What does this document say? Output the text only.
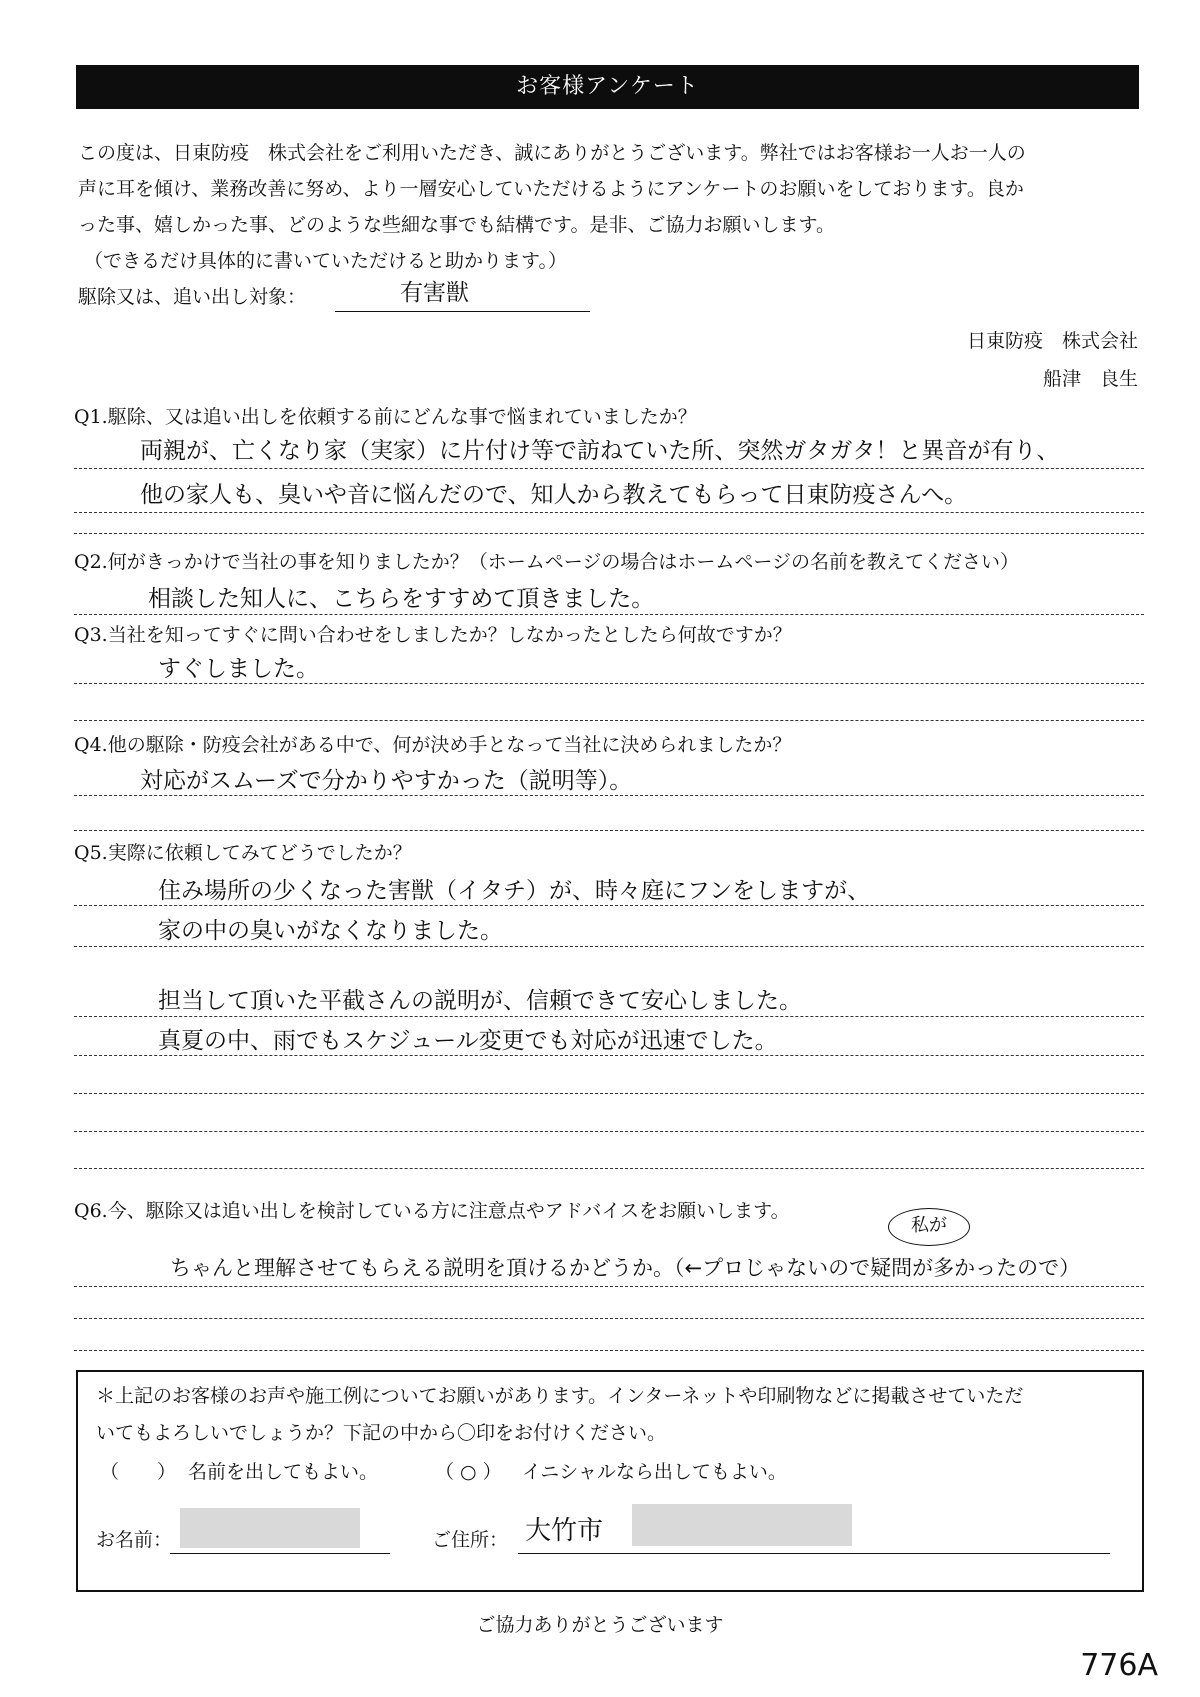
お客様アンケート

この度は、日東防疫　株式会社をご利用いただき、誠にありがとうございます。弊社ではお客様お一人お一人の

声に耳を傾け、業務改善に努め、より一層安心していただけるようにアンケートのお願いをしております。良か

った事、嬉しかった事、どのような些細な事でも結構です。是非、ご協力お願いします。

（できるだけ具体的に書いていただけると助かります。）

駆除又は、追い出し対象：	有害獣
日東防疫　株式会社
船津　良生
Q1.駆除、又は追い出しを依頼する前にどんな事で悩まれていましたか？
両親が、亡くなり家（実家）に片付け等で訪ねていた所、突然ガタガタ！と異音が有り、
他の家人も、臭いや音に悩んだので、知人から教えてもらって日東防疫さんへ。
Q2.何がきっかけで当社の事を知りましたか？（ホームページの場合はホームページの名前を教えてください）
相談した知人に、こちらをすすめて頂きました。
Q3.当社を知ってすぐに問い合わせをしましたか？しなかったとしたら何故ですか？
すぐしました。
Q4.他の駆除・防疫会社がある中で、何が決め手となって当社に決められましたか？
対応がスムーズで分かりやすかった（説明等）。
Q5.実際に依頼してみてどうでしたか？
住み場所の少くなった害獣（イタチ）が、時々庭にフンをしますが、
家の中の臭いがなくなりました。
担当して頂いた平截さんの説明が、信頼できて安心しました。
真夏の中、雨でもスケジュール変更でも対応が迅速でした。
Q6.今、駆除又は追い出しを検討している方に注意点やアドバイスをお願いします。
私が
ちゃんと理解させてもらえる説明を頂けるかどうか。（←プロじゃないので疑問が多かったので）

＊上記のお客様のお声や施工例についてお願いがあります。インターネットや印刷物などに掲載させていただ

いてもよろしいでしょうか？下記の中から〇印をお付けください。

（　　） 名前を出してもよい。	（ ○ ） イニシャルなら出してもよい。
お名前：	ご住所： 大竹市
ご協力ありがとうございます
776A
